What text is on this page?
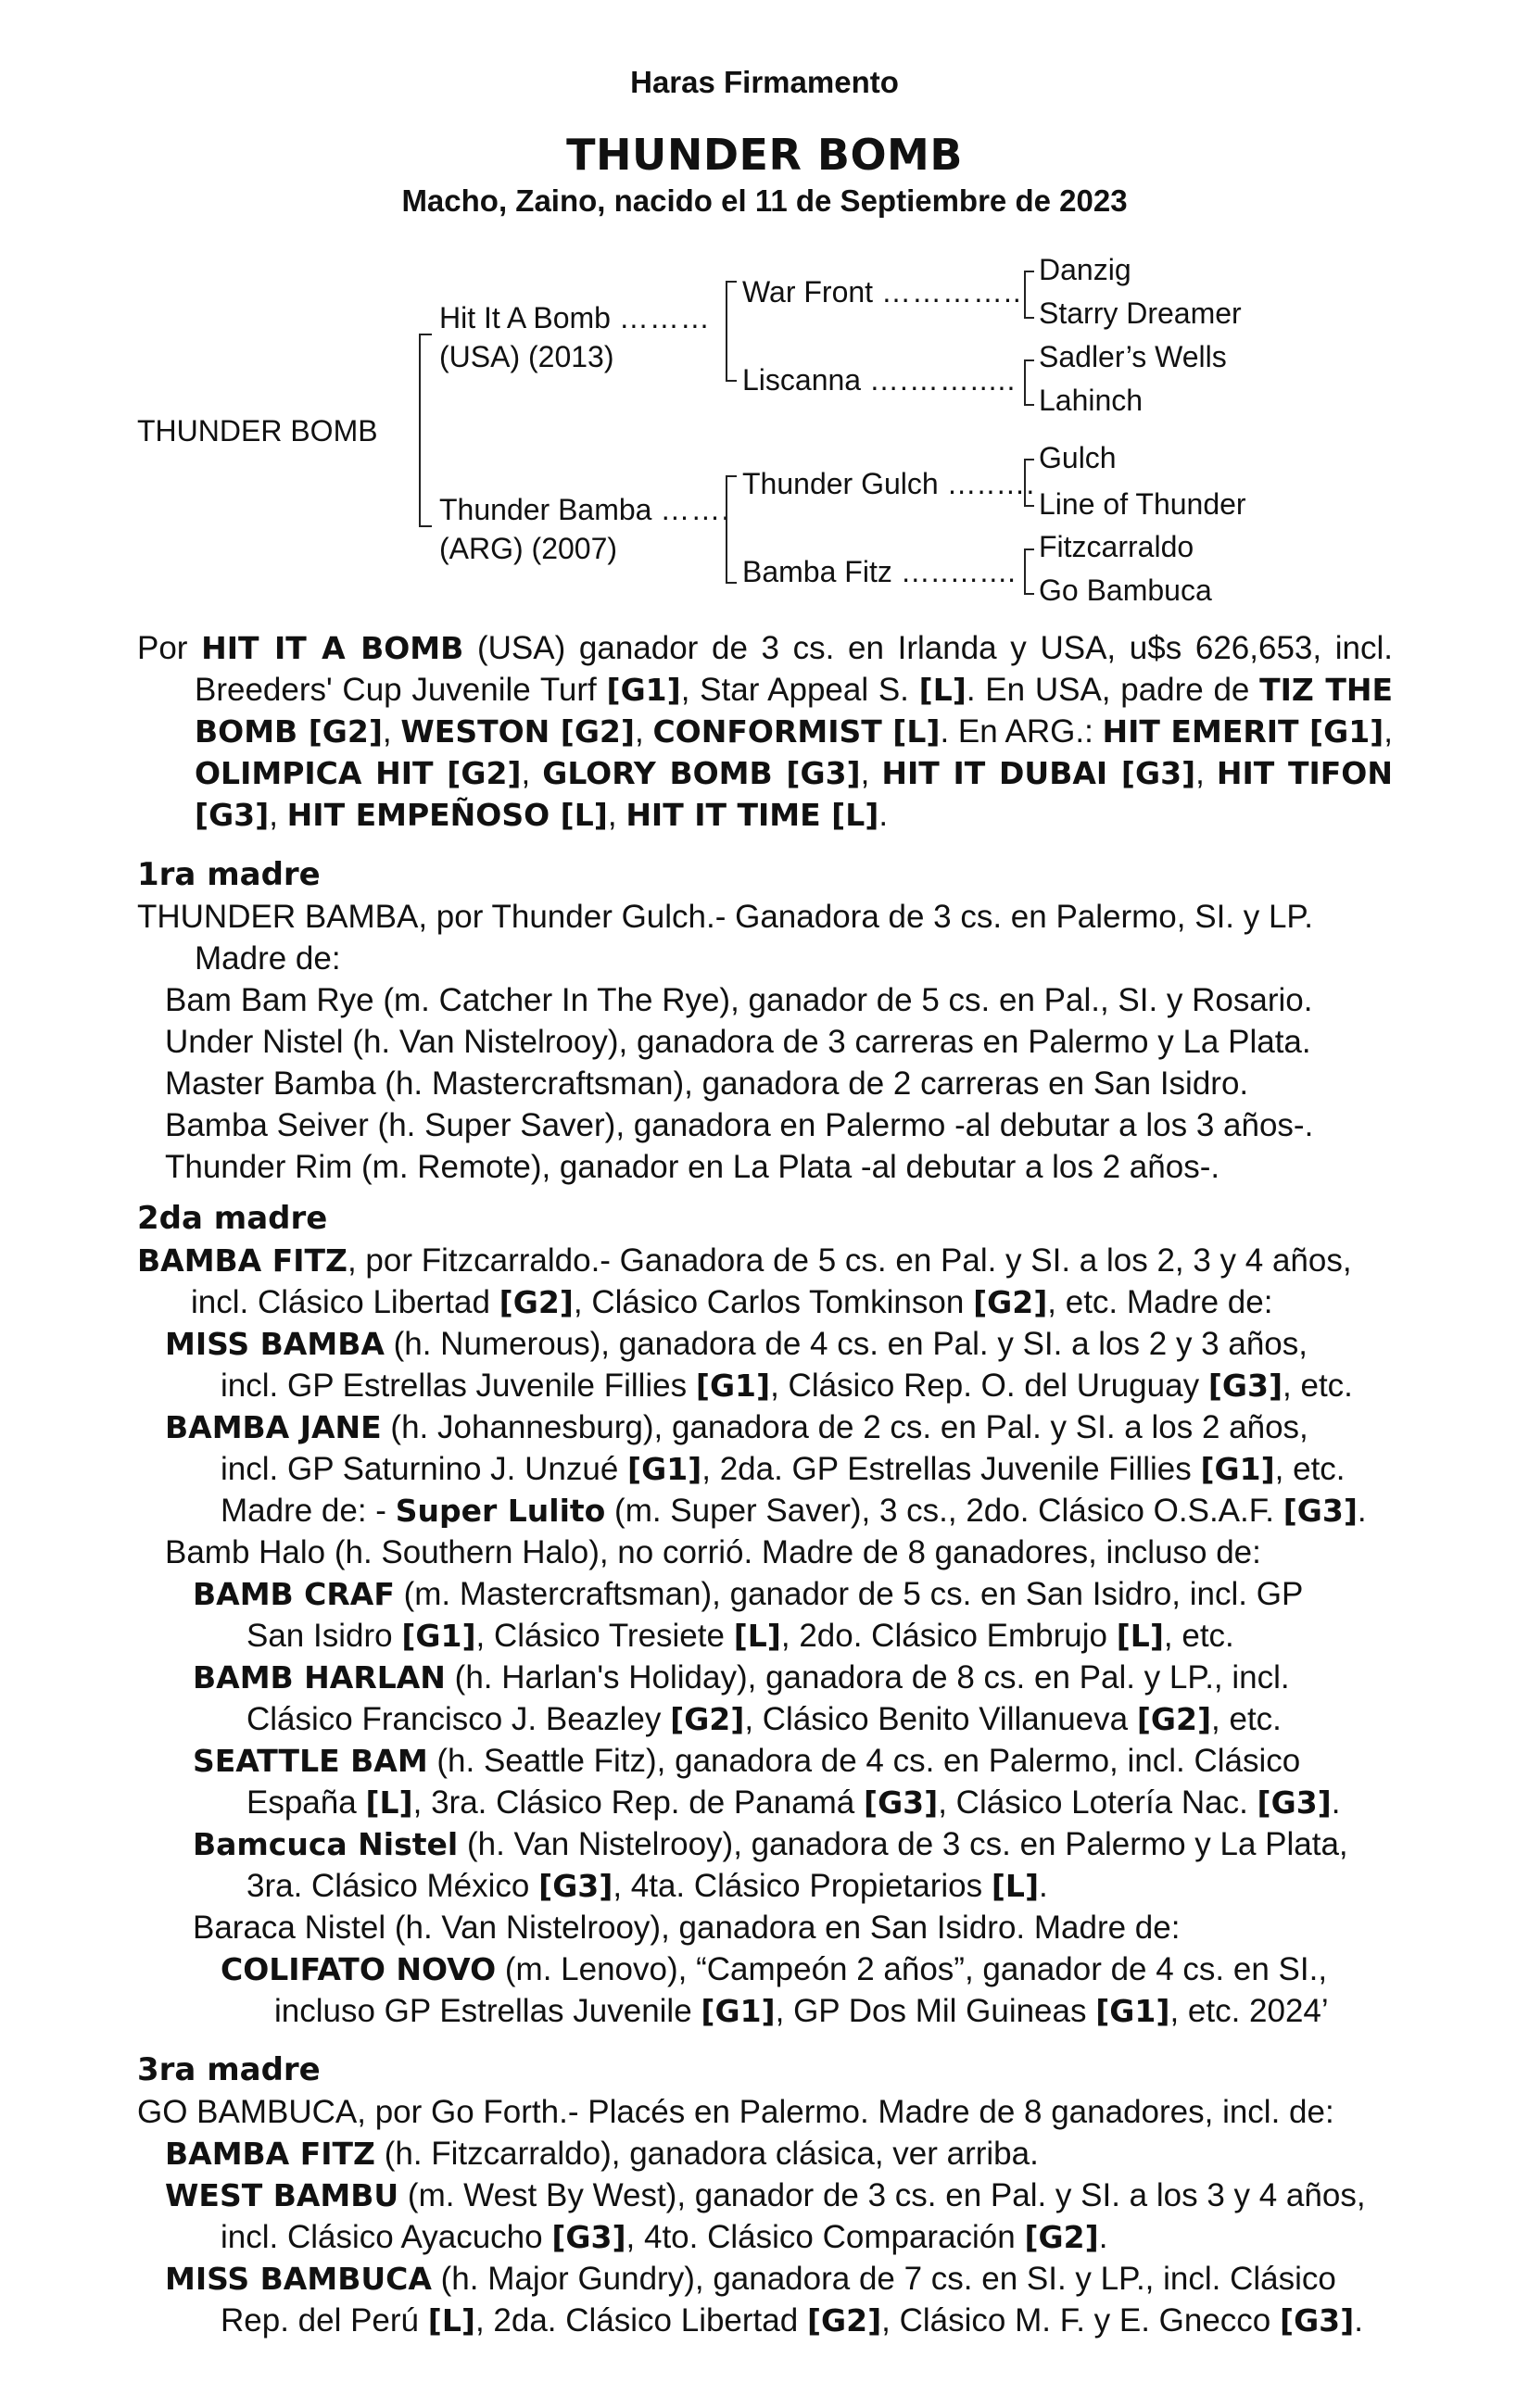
Haras Firmamento
THUNDER BOMB
Macho, Zaino, nacido el 11 de Septiembre de 2023
THUNDER BOMB
Hit It A Bomb ………
(USA) (2013)
Thunder Bamba …….
(ARG) (2007)
War Front …………..
Liscanna ….…….....
Thunder Gulch …..….
Bamba Fitz …..…....
Danzig
Starry Dreamer
Sadler’s Wells
Lahinch
Gulch
Line of Thunder
Fitzcarraldo
Go Bambuca

Por HIT IT A BOMB (USA) ganador de 3 cs. en Irlanda y USA, u$s 626,653, incl. Breeders' Cup Juvenile Turf [G1], Star Appeal S. [L]. En USA, padre de TIZ THE BOMB [G2], WESTON [G2], CONFORMIST [L]. En ARG.: HIT EMERIT [G1], OLIMPICA HIT [G2], GLORY BOMB [G3], HIT IT DUBAI [G3], HIT TIFON [G3], HIT EMPEÑOSO [L], HIT IT TIME [L].

1ra madre

THUNDER BAMBA, por Thunder Gulch.- Ganadora de 3 cs. en Palermo, SI. y LP. Madre de:

Bam Bam Rye (m. Catcher In The Rye), ganador de 5 cs. en Pal., SI. y Rosario.

Under Nistel (h. Van Nistelrooy), ganadora de 3 carreras en Palermo y La Plata.

Master Bamba (h. Mastercraftsman), ganadora de 2 carreras en San Isidro.

Bamba Seiver (h. Super Saver), ganadora en Palermo -al debutar a los 3 años-.

Thunder Rim (m. Remote), ganador en La Plata -al debutar a los 2 años-.

2da madre

BAMBA FITZ, por Fitzcarraldo.- Ganadora de 5 cs. en Pal. y SI. a los 2, 3 y 4 años,

incl. Clásico Libertad [G2], Clásico Carlos Tomkinson [G2], etc. Madre de:

MISS BAMBA (h. Numerous), ganadora de 4 cs. en Pal. y SI. a los 2 y 3 años,

incl. GP Estrellas Juvenile Fillies [G1], Clásico Rep. O. del Uruguay [G3], etc.

BAMBA JANE (h. Johannesburg), ganadora de 2 cs. en Pal. y SI. a los 2 años,

incl. GP Saturnino J. Unzué [G1], 2da. GP Estrellas Juvenile Fillies [G1], etc.

Madre de: - Super Lulito (m. Super Saver), 3 cs., 2do. Clásico O.S.A.F. [G3].

Bamb Halo (h. Southern Halo), no corrió. Madre de 8 ganadores, incluso de:

BAMB CRAF (m. Mastercraftsman), ganador de 5 cs. en San Isidro, incl. GP

San Isidro [G1], Clásico Tresiete [L], 2do. Clásico Embrujo [L], etc.

BAMB HARLAN (h. Harlan's Holiday), ganadora de 8 cs. en Pal. y LP., incl.

Clásico Francisco J. Beazley [G2], Clásico Benito Villanueva [G2], etc.

SEATTLE BAM (h. Seattle Fitz), ganadora de 4 cs. en Palermo, incl. Clásico

España [L], 3ra. Clásico Rep. de Panamá [G3], Clásico Lotería Nac. [G3].

Bamcuca Nistel (h. Van Nistelrooy), ganadora de 3 cs. en Palermo y La Plata,

3ra. Clásico México [G3], 4ta. Clásico Propietarios [L].

Baraca Nistel (h. Van Nistelrooy), ganadora en San Isidro. Madre de:

COLIFATO NOVO (m. Lenovo), “Campeón 2 años”, ganador de 4 cs. en SI.,

incluso GP Estrellas Juvenile [G1], GP Dos Mil Guineas [G1], etc. 2024’

3ra madre

GO BAMBUCA, por Go Forth.- Placés en Palermo. Madre de 8 ganadores, incl. de:

BAMBA FITZ (h. Fitzcarraldo), ganadora clásica, ver arriba.

WEST BAMBU (m. West By West), ganador de 3 cs. en Pal. y SI. a los 3 y 4 años,

incl. Clásico Ayacucho [G3], 4to. Clásico Comparación [G2].

MISS BAMBUCA (h. Major Gundry), ganadora de 7 cs. en SI. y LP., incl. Clásico

Rep. del Perú [L], 2da. Clásico Libertad [G2], Clásico M. F. y E. Gnecco [G3].
